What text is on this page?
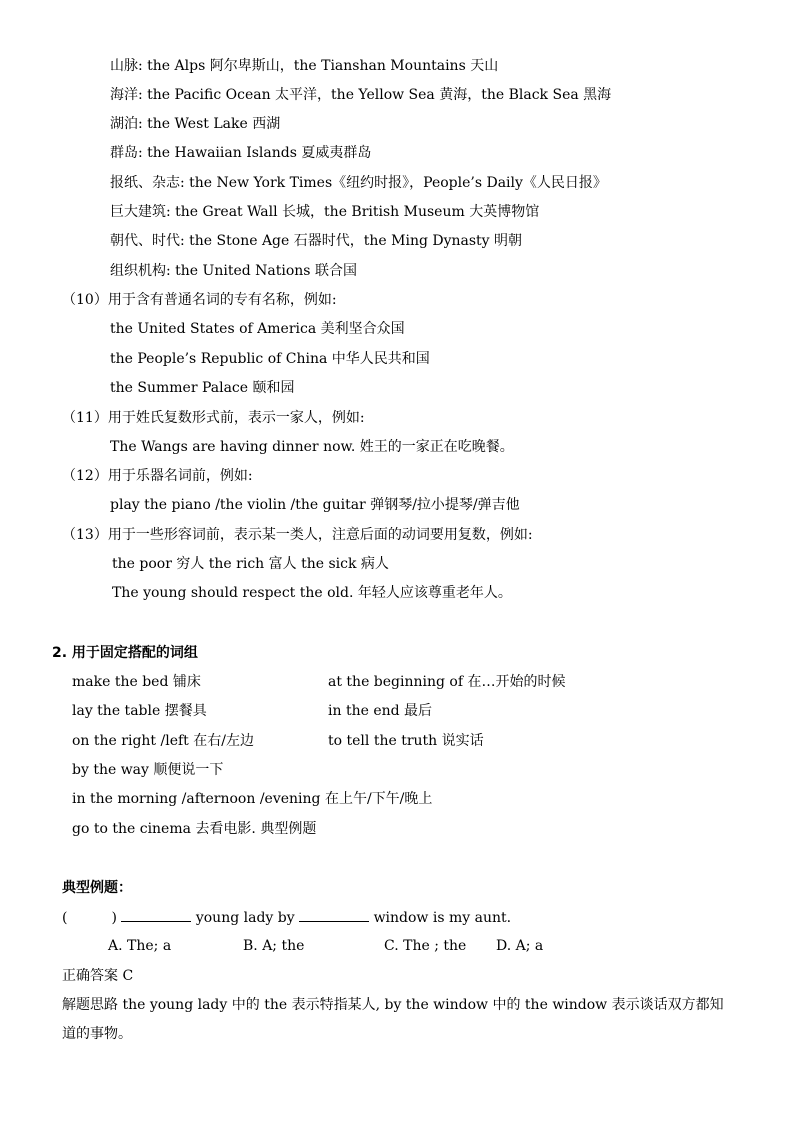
山脉: the Alps 阿尔卑斯山，the Tianshan Mountains 天山
海洋: the Pacific Ocean 太平洋，the Yellow Sea 黄海，the Black Sea 黑海
湖泊: the West Lake 西湖
群岛: the Hawaiian Islands 夏威夷群岛
报纸、杂志: the New York Times《纽约时报》，People’s Daily《人民日报》
巨大建筑: the Great Wall 长城，the British Museum 大英博物馆
朝代、时代: the Stone Age 石器时代，the Ming Dynasty 明朝
组织机构: the United Nations 联合国
（10）用于含有普通名词的专有名称，例如:
the United States of America 美利坚合众国
the People’s Republic of China 中华人民共和国
the Summer Palace 颐和园
（11）用于姓氏复数形式前，表示一家人，例如:
The Wangs are having dinner now. 姓王的一家正在吃晚餐。
（12）用于乐器名词前，例如:
play the piano /the violin /the guitar 弹钢琴/拉小提琴/弹吉他
（13）用于一些形容词前，表示某一类人，注意后面的动词要用复数，例如:
the poor 穷人 the rich 富人 the sick 病人
The young should respect the old. 年轻人应该尊重老年人。
2. 用于固定搭配的词组
make the bed 铺床	at the beginning of 在…开始的时候
lay the table 摆餐具	in the end 最后
on the right /left 在右/左边	to tell the truth 说实话
by the way 顺便说一下
in the morning /afternoon /evening 在上午/下午/晚上
go to the cinema 去看电影. 典型例题
典型例题：
(	)	young lady by	window is my aunt.
A. The; a	B. A; the	C. The ; the D. A; a
正确答案 C
解题思路 the young lady 中的 the 表示特指某人, by the window 中的 the window 表示谈话双方都知
道的事物。
